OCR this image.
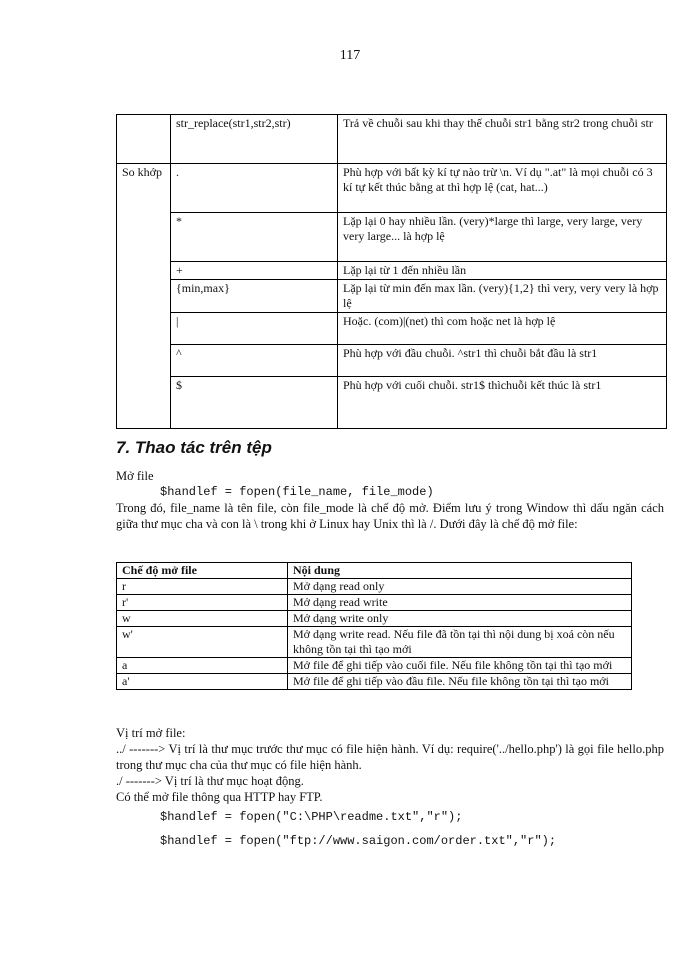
117
	str_replace(str1,str2,str)	Trả về chuỗi sau khi thay thế chuỗi str1 bằng str2 trong chuỗi str
So khớp	.	Phù hợp với bất kỳ kí tự nào trừ \n. Ví dụ ".at" là mọi chuỗi có 3 kí tự kết thúc bằng at thì hợp lệ (cat, hat...)
	*	Lặp lại 0 hay nhiều lần. (very)*large thì large, very large, very very large... là hợp lệ
	+	Lặp lại từ 1 đến nhiều lần
	{min,max}	Lặp lại từ min đến max lần. (very){1,2} thì very, very very là hợp lệ
	|	Hoặc. (com)|(net) thì com hoặc net là hợp lệ
	^	Phù hợp với đầu chuỗi. ^str1 thì chuỗi bắt đầu là str1
	$	Phù hợp với cuối chuỗi. str1$ thìchuỗi kết thúc là str1
7. Thao tác trên tệp

Mở file

$handlef = fopen(file_name, file_mode)

Trong đó, file_name là tên file, còn file_mode là chế độ mở. Điểm lưu ý trong Window thì dấu ngăn cách giữa thư mục cha và con là \ trong khi ở Linux hay Unix thì là /. Dưới đây là chế độ mở file:

Chế độ mở file	Nội dung
r	Mở dạng read only
r'	Mở dạng read write
w	Mở dạng write only
w'	Mở dạng write read. Nếu file đã tồn tại thì nội dung bị xoá còn nếu không tồn tại thì tạo mới
a	Mở file để ghi tiếp vào cuối file. Nếu file không tồn tại thì tạo mới
a'	Mở file để ghi tiếp vào đầu file. Nếu file không tồn tại thì tạo mới

Vị trí mở file:

../ -------> Vị trí là thư mục trước thư mục có file hiện hành. Ví dụ: require('../hello.php') là gọi file hello.php trong thư mục cha của thư mục có file hiện hành.

./ -------> Vị trí là thư mục hoạt động.

Có thể mở file thông qua HTTP hay FTP.

$handlef = fopen("C:\PHP\readme.txt","r");

$handlef = fopen("ftp://www.saigon.com/order.txt","r");
